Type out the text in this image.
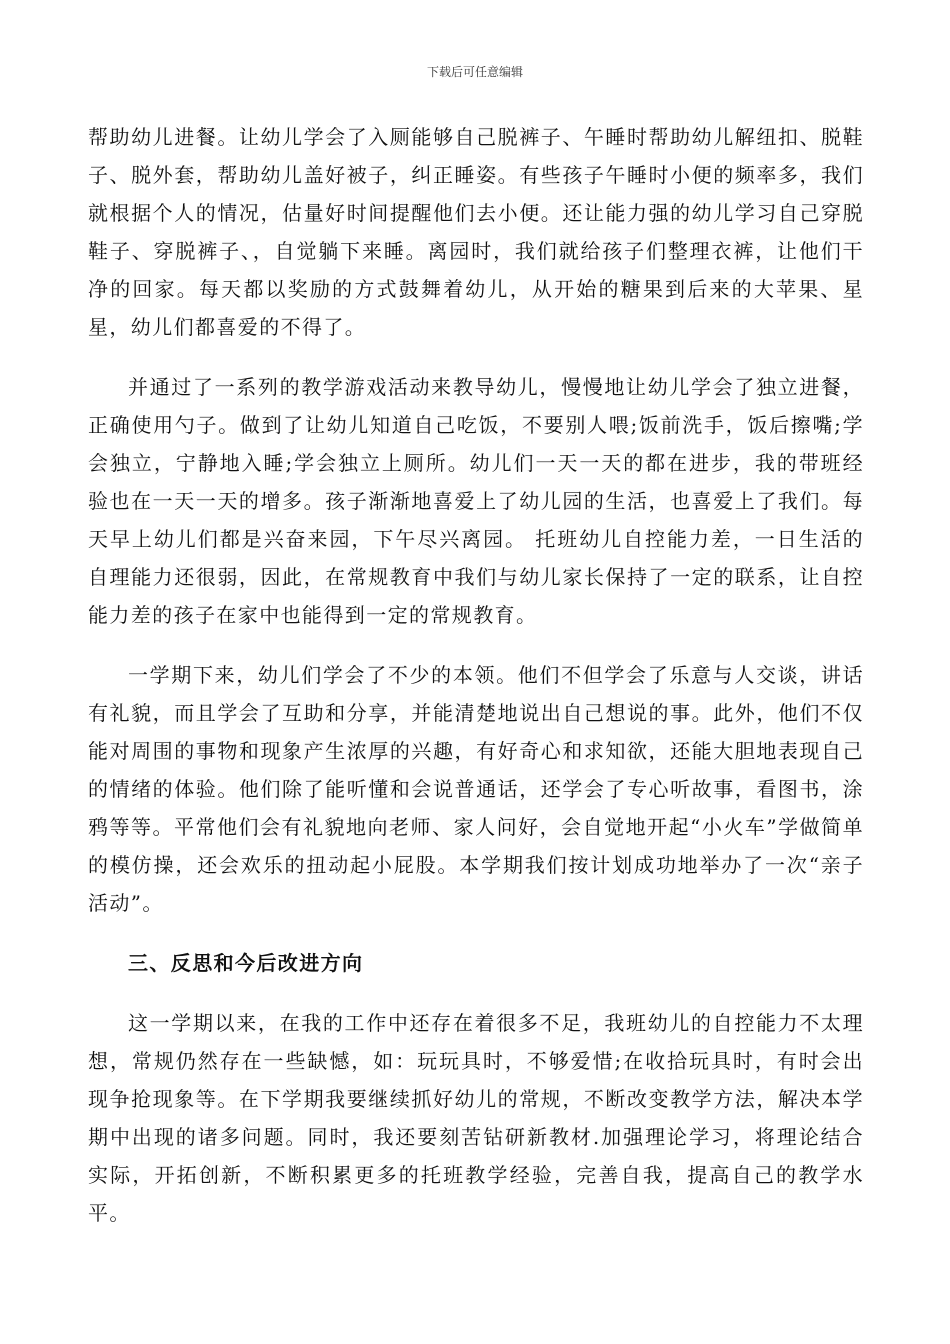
下载后可任意编辑

帮助幼儿进餐。让幼儿学会了入厕能够自己脱裤子、午睡时帮助幼儿解纽扣、脱鞋子、脱外套，帮助幼儿盖好被子，纠正睡姿。有些孩子午睡时小便的频率多，我们就根据个人的情况，估量好时间提醒他们去小便。还让能力强的幼儿学习自己穿脱鞋子、穿脱裤子、，自觉躺下来睡。离园时，我们就给孩子们整理衣裤，让他们干净的回家。每天都以奖励的方式鼓舞着幼儿，从开始的糖果到后来的大苹果、星星，幼儿们都喜爱的不得了。

并通过了一系列的教学游戏活动来教导幼儿，慢慢地让幼儿学会了独立进餐，正确使用勺子。做到了让幼儿知道自己吃饭，不要别人喂;饭前洗手，饭后擦嘴;学会独立，宁静地入睡;学会独立上厕所。幼儿们一天一天的都在进步，我的带班经验也在一天一天的增多。孩子渐渐地喜爱上了幼儿园的生活，也喜爱上了我们。每天早上幼儿们都是兴奋来园，下午尽兴离园。 托班幼儿自控能力差，一日生活的自理能力还很弱，因此，在常规教育中我们与幼儿家长保持了一定的联系，让自控能力差的孩子在家中也能得到一定的常规教育。

一学期下来，幼儿们学会了不少的本领。他们不但学会了乐意与人交谈，讲话有礼貌，而且学会了互助和分享，并能清楚地说出自己想说的事。此外，他们不仅能对周围的事物和现象产生浓厚的兴趣，有好奇心和求知欲，还能大胆地表现自己的情绪的体验。他们除了能听懂和会说普通话，还学会了专心听故事，看图书，涂鸦等等。平常他们会有礼貌地向老师、家人问好，会自觉地开起“小火车”学做简单的模仿操，还会欢乐的扭动起小屁股。本学期我们按计划成功地举办了一次“亲子活动”。

三、反思和今后改进方向

这一学期以来，在我的工作中还存在着很多不足，我班幼儿的自控能力不太理想，常规仍然存在一些缺憾，如：玩玩具时，不够爱惜;在收拾玩具时，有时会出现争抢现象等。在下学期我要继续抓好幼儿的常规，不断改变教学方法，解决本学期中出现的诸多问题。同时，我还要刻苦钻研新教材.加强理论学习，将理论结合实际，开拓创新，不断积累更多的托班教学经验，完善自我，提高自己的教学水平。
